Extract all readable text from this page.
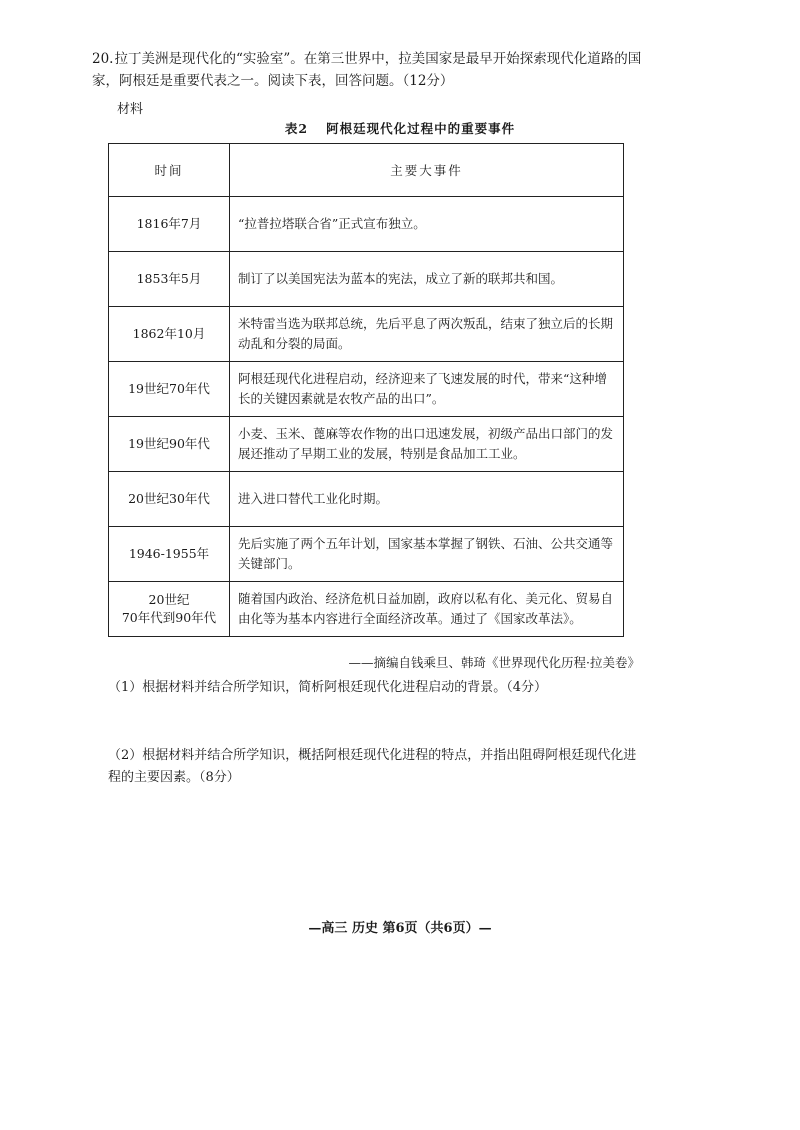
20.拉丁美洲是现代化的“实验室”。在第三世界中，拉美国家是最早开始探索现代化道路的国家，阿根廷是重要代表之一。阅读下表，回答问题。（12分）
材料
表2 阿根廷现代化过程中的重要事件
时间	主要大事件
1816年7月	“拉普拉塔联合省”正式宣布独立。
1853年5月	制订了以美国宪法为蓝本的宪法，成立了新的联邦共和国。
1862年10月	米特雷当选为联邦总统，先后平息了两次叛乱，结束了独立后的长期动乱和分裂的局面。
19世纪70年代	阿根廷现代化进程启动，经济迎来了飞速发展的时代，带来“这种增长的关键因素就是农牧产品的出口”。
19世纪90年代	小麦、玉米、蓖麻等农作物的出口迅速发展，初级产品出口部门的发展还推动了早期工业的发展，特别是食品加工工业。
20世纪30年代	进入进口替代工业化时期。
1946-1955年	先后实施了两个五年计划，国家基本掌握了钢铁、石油、公共交通等关键部门。

20世纪
70年代到90年代	随着国内政治、经济危机日益加剧，政府以私有化、美元化、贸易自由化等为基本内容进行全面经济改革。通过了《国家改革法》。
——摘编自钱乘旦、韩琦《世界现代化历程·拉美卷》
（1）根据材料并结合所学知识，简析阿根廷现代化进程启动的背景。（4分）
（2）根据材料并结合所学知识，概括阿根廷现代化进程的特点，并指出阻碍阿根廷现代化进程的主要因素。（8分）
—高三 历史 第6页（共6页）—
